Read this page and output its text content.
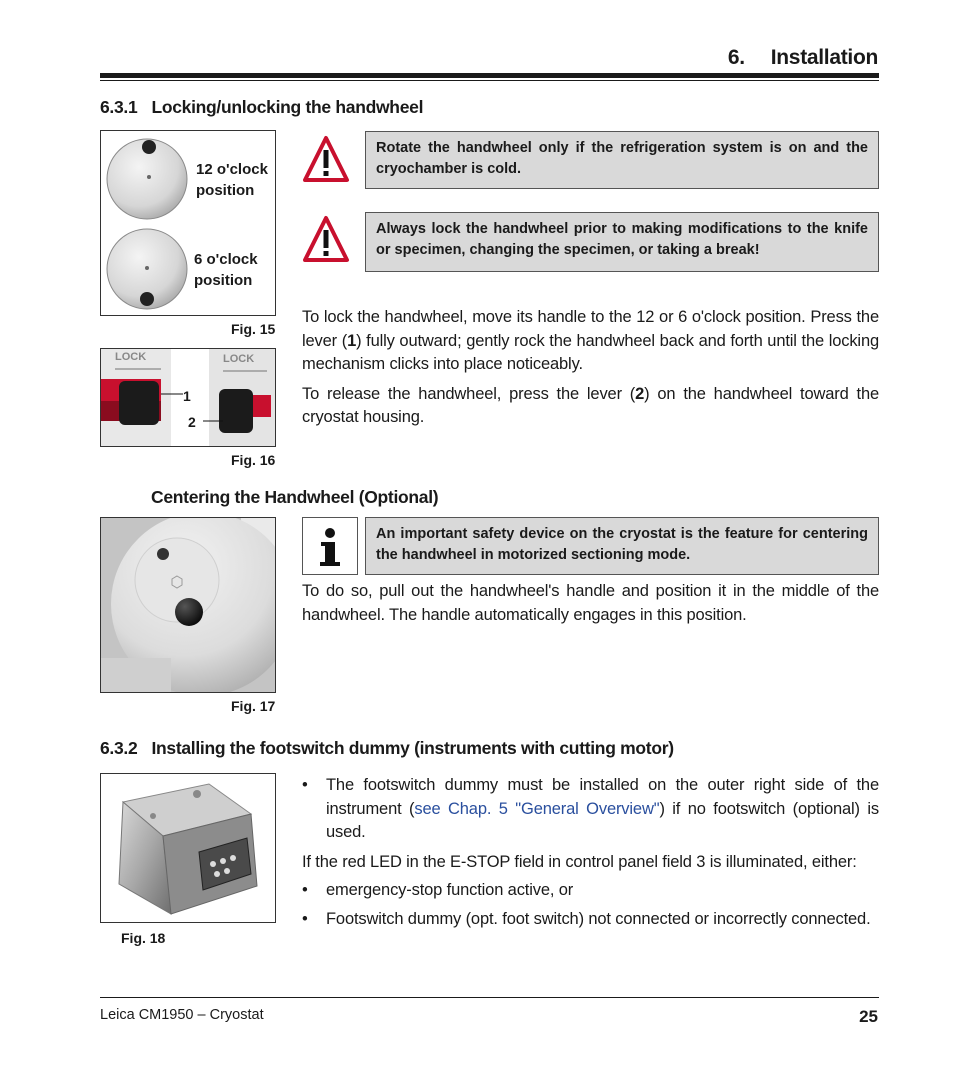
6. Installation
6.3.1 Locking/unlocking the handwheel
12 o'clock
position
6 o'clock
position
Fig. 15
LOCK	LOCK
1
2
Fig. 16
Rotate the handwheel only if the refrigeration system is on and the cryochamber is cold.
Always lock the handwheel prior to making modifications to the knife or specimen, changing the specimen, or taking a break!

To lock the handwheel, move its handle to the 12 or 6 o'clock position. Press the lever (1) fully outward; gently rock the handwheel back and forth until the locking mechanism clicks into place noticeably.

To release the handwheel, press the lever (2) on the handwheel toward the cryostat housing.

Centering the Handwheel (Optional)
Fig. 17
An important safety device on the cryostat is the feature for centering the handwheel in motorized sectioning mode.
To do so, pull out the handwheel's handle and position it in the middle of the handwheel. The handle automatically engages in this position.
6.3.2 Installing the footswitch dummy (instruments with cutting motor)
Fig. 18
• The footswitch dummy must be installed on the outer right side of the instrument (see Chap. 5 "General Overview") if no footswitch (optional) is used.

If the red LED in the E-STOP field in control panel field 3 is illuminated, either:

• emergency-stop function active, or
• Footswitch dummy (opt. foot switch) not connected or incorrectly connected.
Leica CM1950 – Cryostat	25
